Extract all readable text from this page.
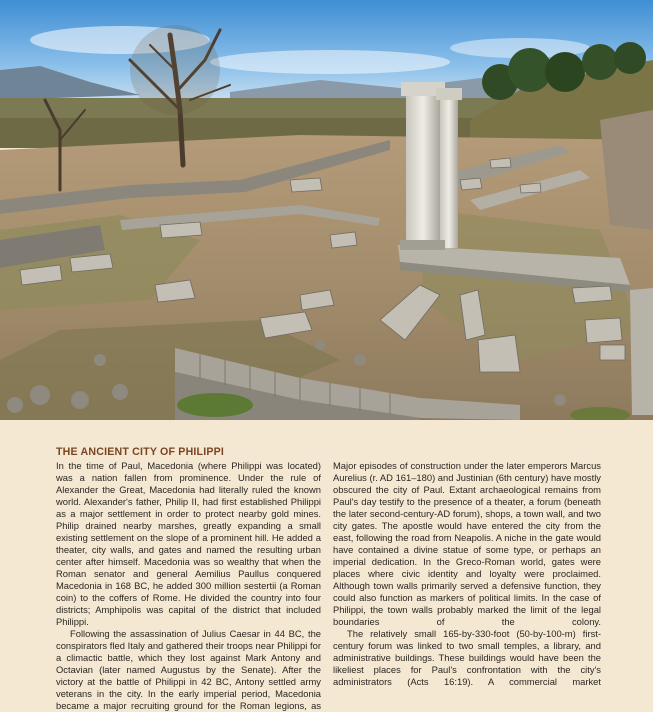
THE ANCIENT CITY OF PHILIPPI

In the time of Paul, Macedonia (where Philippi was located) was a nation fallen from prominence. Under the rule of Alexander the Great, Macedonia had literally ruled the known world. Alexander's father, Philip II, had first established Philippi as a major settlement in order to protect nearby gold mines. Philip drained nearby marshes, greatly expanding a small existing settlement on the slope of a prominent hill. He added a theater, city walls, and gates and named the resulting urban center after himself. Macedonia was so wealthy that when the Roman senator and general Aemilius Paullus conquered Macedonia in 168 BC, he added 300 million sestertii (a Roman coin) to the coffers of Rome. He divided the country into four districts; Amphipolis was capital of the district that included Philippi.

Following the assassination of Julius Caesar in 44 BC, the conspirators fled Italy and gathered their troops near Philippi for a climactic battle, which they lost against Mark Antony and Octavian (later named Augustus by the Senate). After the victory at the battle of Philippi in 42 BC, Antony settled army veterans in the city. In the early imperial period, Macedonia became a major recruiting ground for the Roman legions, as

Major episodes of construction under the later emperors Marcus Aurelius (r. AD 161–180) and Justinian (6th century) have mostly obscured the city of Paul. Extant archaeological remains from Paul's day testify to the presence of a theater, a forum (beneath the later second-century-AD forum), shops, a town wall, and two city gates. The apostle would have entered the city from the east, following the road from Neapolis. A niche in the gate would have contained a divine statue of some type, or perhaps an imperial dedication. In the Greco-Roman world, gates were places where civic identity and loyalty were proclaimed. Although town walls primarily served a defensive function, they could also function as markers of political limits. In the case of Philippi, the town walls probably marked the limit of the legal boundaries of the colony.

The relatively small 165-by-330-foot (50-by-100-m) first-century forum was linked to two small temples, a library, and administrative buildings. These buildings would have been the likeliest places for Paul's confrontation with the city's administrators (Acts 16:19). A commercial market
